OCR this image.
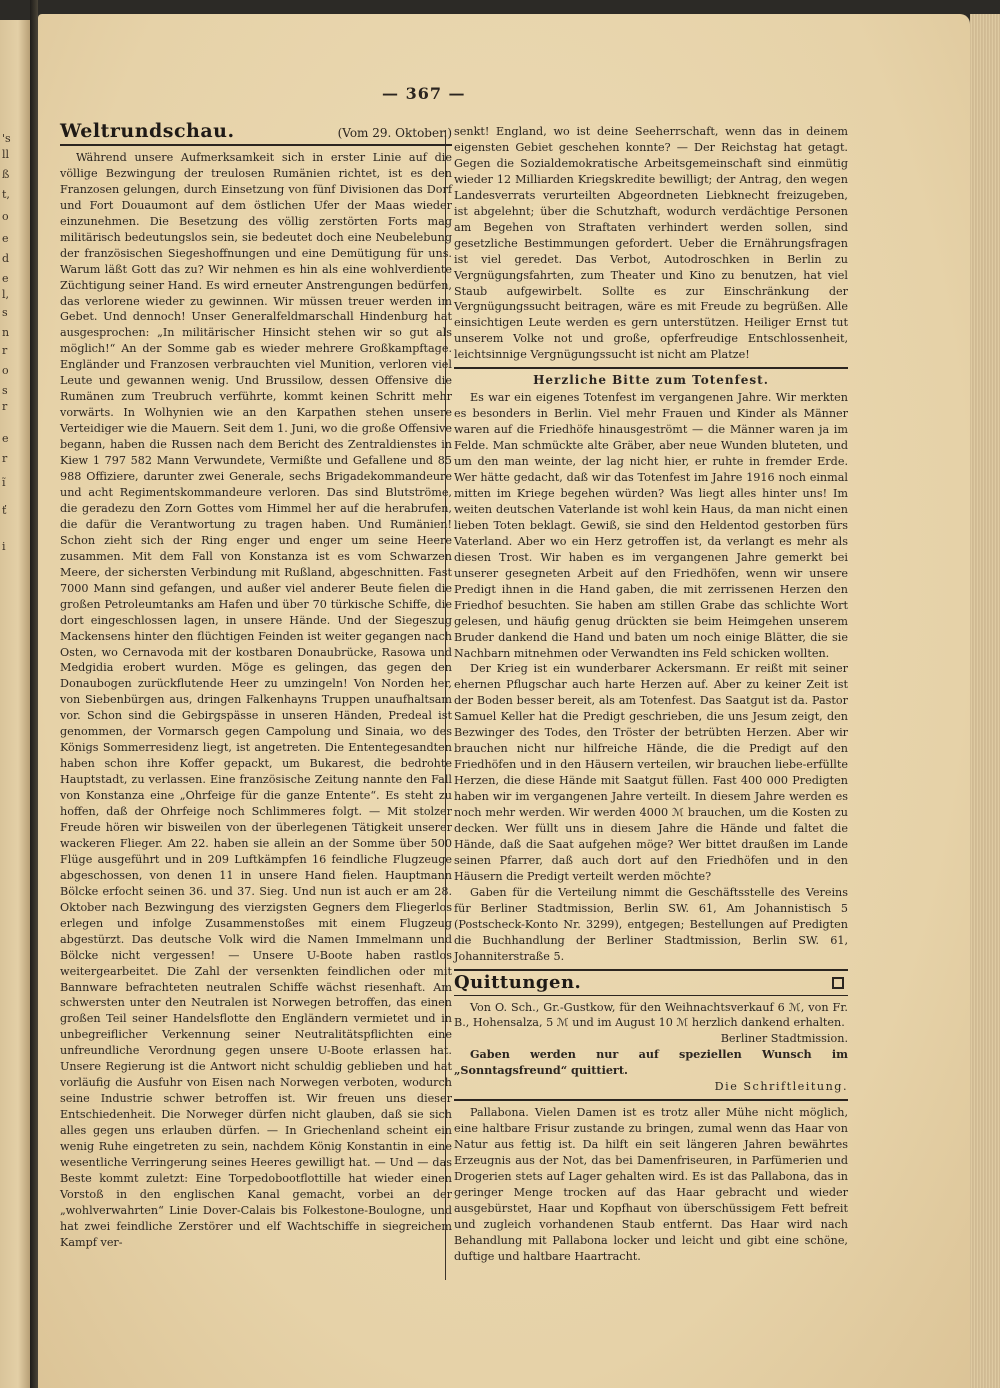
's
ll
ß
t,
o
e
d
e
l,
s
n
r
o
s
r
e
r
ĩ
ť
i
— 367 —
Weltrundschau.	(Vom 29. Oktober.)

Während unsere Aufmerksamkeit sich in erster Linie auf die völlige Bezwingung der treulosen Rumänien richtet, ist es den Franzosen gelungen, durch Einsetzung von fünf Divisionen das Dorf und Fort Douaumont auf dem östlichen Ufer der Maas wieder einzunehmen. Die Besetzung des völlig zerstörten Forts mag militärisch bedeutungslos sein, sie bedeutet doch eine Neubelebung der französischen Siegeshoffnungen und eine Demütigung für uns. Warum läßt Gott das zu? Wir nehmen es hin als eine wohlverdiente Züchtigung seiner Hand. Es wird erneuter Anstrengungen bedürfen, das verlorene wieder zu gewinnen. Wir müssen treuer werden im Gebet. Und dennoch! Unser Generalfeldmarschall Hindenburg hat ausgesprochen: „In militärischer Hinsicht stehen wir so gut als möglich!“ An der Somme gab es wieder mehrere Großkampftage. Engländer und Franzosen verbrauchten viel Munition, verloren viel Leute und gewannen wenig. Und Brussilow, dessen Offensive die Rumänen zum Treubruch verführte, kommt keinen Schritt mehr vorwärts. In Wolhynien wie an den Karpathen stehen unsere Verteidiger wie die Mauern. Seit dem 1. Juni, wo die große Offensive begann, haben die Russen nach dem Bericht des Zentraldienstes in Kiew 1 797 582 Mann Verwundete, Vermißte und Gefallene und 85 988 Offiziere, darunter zwei Generale, sechs Brigadekommandeure und acht Regimentskommandeure verloren. Das sind Blutströme, die geradezu den Zorn Gottes vom Himmel her auf die herabrufen, die dafür die Verantwortung zu tragen haben. Und Rumänien! Schon zieht sich der Ring enger und enger um seine Heere zusammen. Mit dem Fall von Konstanza ist es vom Schwarzen Meere, der sichersten Verbindung mit Rußland, abgeschnitten. Fast 7000 Mann sind gefangen, und außer viel anderer Beute fielen die großen Petroleumtanks am Hafen und über 70 türkische Schiffe, die dort eingeschlossen lagen, in unsere Hände. Und der Siegeszug Mackensens hinter den flüchtigen Feinden ist weiter gegangen nach Osten, wo Cernavoda mit der kostbaren Donaubrücke, Rasowa und Medgidia erobert wurden. Möge es gelingen, das gegen den Donaubogen zurückflutende Heer zu umzingeln! Von Norden her, von Siebenbürgen aus, dringen Falkenhayns Truppen unaufhaltsam vor. Schon sind die Gebirgspässe in unseren Händen, Predeal ist genommen, der Vormarsch gegen Campolung und Sinaia, wo des Königs Sommerresidenz liegt, ist angetreten. Die Ententegesandten haben schon ihre Koffer gepackt, um Bukarest, die bedrohte Hauptstadt, zu verlassen. Eine französische Zeitung nannte den Fall von Konstanza eine „Ohrfeige für die ganze Entente“. Es steht zu hoffen, daß der Ohrfeige noch Schlimmeres folgt. — Mit stolzer Freude hören wir bisweilen von der überlegenen Tätigkeit unserer wackeren Flieger. Am 22. haben sie allein an der Somme über 500 Flüge ausgeführt und in 209 Luftkämpfen 16 feindliche Flugzeuge abgeschossen, von denen 11 in unsere Hand fielen. Hauptmann Bölcke erfocht seinen 36. und 37. Sieg. Und nun ist auch er am 28. Oktober nach Bezwingung des vierzigsten Gegners dem Fliegerlos erlegen und infolge Zusammenstoßes mit einem Flugzeug abgestürzt. Das deutsche Volk wird die Namen Immelmann und Bölcke nicht vergessen! — Unsere U-Boote haben rastlos weitergearbeitet. Die Zahl der versenkten feindlichen oder mit Bannware befrachteten neutralen Schiffe wächst riesenhaft. Am schwersten unter den Neutralen ist Norwegen betroffen, das einen großen Teil seiner Handelsflotte den Engländern vermietet und in unbegreiflicher Verkennung seiner Neutralitätspflichten eine unfreundliche Verordnung gegen unsere U-Boote erlassen hat. Unsere Regierung ist die Antwort nicht schuldig geblieben und hat vorläufig die Ausfuhr von Eisen nach Norwegen verboten, wodurch seine Industrie schwer betroffen ist. Wir freuen uns dieser Entschiedenheit. Die Norweger dürfen nicht glauben, daß sie sich alles gegen uns erlauben dürfen. — In Griechenland scheint ein wenig Ruhe eingetreten zu sein, nachdem König Konstantin in eine wesentliche Verringerung seines Heeres gewilligt hat. — Und — das Beste kommt zuletzt: Eine Torpedobootflottille hat wieder einen Vorstoß in den englischen Kanal gemacht, vorbei an der „wohlverwahrten“ Linie Dover-Calais bis Folkestone-Boulogne, und hat zwei feindliche Zerstörer und elf Wachtschiffe in siegreichem Kampf ver-

senkt! England, wo ist deine Seeherrschaft, wenn das in deinem eigensten Gebiet geschehen konnte? — Der Reichstag hat getagt. Gegen die Sozialdemokratische Arbeitsgemeinschaft sind einmütig wieder 12 Milliarden Kriegskredite bewilligt; der Antrag, den wegen Landesverrats verurteilten Abgeordneten Liebknecht freizugeben, ist abgelehnt; über die Schutzhaft, wodurch verdächtige Personen am Begehen von Straftaten verhindert werden sollen, sind gesetzliche Bestimmungen gefordert. Ueber die Ernährungsfragen ist viel geredet. Das Verbot, Autodroschken in Berlin zu Vergnügungsfahrten, zum Theater und Kino zu benutzen, hat viel Staub aufgewirbelt. Sollte es zur Einschränkung der Vergnügungssucht beitragen, wäre es mit Freude zu begrüßen. Alle einsichtigen Leute werden es gern unterstützen. Heiliger Ernst tut unserem Volke not und große, opferfreudige Entschlossenheit, leichtsinnige Vergnügungssucht ist nicht am Platze!

Herzliche Bitte zum Totenfest.

Es war ein eigenes Totenfest im vergangenen Jahre. Wir merkten es besonders in Berlin. Viel mehr Frauen und Kinder als Männer waren auf die Friedhöfe hinausgeströmt — die Männer waren ja im Felde. Man schmückte alte Gräber, aber neue Wunden bluteten, und um den man weinte, der lag nicht hier, er ruhte in fremder Erde. Wer hätte gedacht, daß wir das Totenfest im Jahre 1916 noch einmal mitten im Kriege begehen würden? Was liegt alles hinter uns! Im weiten deutschen Vaterlande ist wohl kein Haus, da man nicht einen lieben Toten beklagt. Gewiß, sie sind den Heldentod gestorben fürs Vaterland. Aber wo ein Herz getroffen ist, da verlangt es mehr als diesen Trost. Wir haben es im vergangenen Jahre gemerkt bei unserer gesegneten Arbeit auf den Friedhöfen, wenn wir unsere Predigt ihnen in die Hand gaben, die mit zerrissenen Herzen den Friedhof besuchten. Sie haben am stillen Grabe das schlichte Wort gelesen, und häufig genug drückten sie beim Heimgehen unserem Bruder dankend die Hand und baten um noch einige Blätter, die sie Nachbarn mitnehmen oder Verwandten ins Feld schicken wollten.

Der Krieg ist ein wunderbarer Ackersmann. Er reißt mit seiner ehernen Pflugschar auch harte Herzen auf. Aber zu keiner Zeit ist der Boden besser bereit, als am Totenfest. Das Saatgut ist da. Pastor Samuel Keller hat die Predigt geschrieben, die uns Jesum zeigt, den Bezwinger des Todes, den Tröster der betrübten Herzen. Aber wir brauchen nicht nur hilfreiche Hände, die die Predigt auf den Friedhöfen und in den Häusern verteilen, wir brauchen liebe-erfüllte Herzen, die diese Hände mit Saatgut füllen. Fast 400 000 Predigten haben wir im vergangenen Jahre verteilt. In diesem Jahre werden es noch mehr werden. Wir werden 4000 ℳ brauchen, um die Kosten zu decken. Wer füllt uns in diesem Jahre die Hände und faltet die Hände, daß die Saat aufgehen möge? Wer bittet draußen im Lande seinen Pfarrer, daß auch dort auf den Friedhöfen und in den Häusern die Predigt verteilt werden möchte?

Gaben für die Verteilung nimmt die Geschäftsstelle des Vereins für Berliner Stadtmission, Berlin SW. 61, Am Johannistisch 5 (Postscheck-Konto Nr. 3299), entgegen; Bestellungen auf Predigten die Buchhandlung der Berliner Stadtmission, Berlin SW. 61, Johanniterstraße 5.

Quittungen.

Von O. Sch., Gr.-Gustkow, für den Weihnachtsverkauf 6 ℳ, von Fr. B., Hohensalza, 5 ℳ und im August 10 ℳ herzlich dankend erhalten.

Berliner Stadtmission.

Gaben werden nur auf speziellen Wunsch im „Sonntagsfreund“ quittiert.

Die Schriftleitung.

Pallabona. Vielen Damen ist es trotz aller Mühe nicht möglich, eine haltbare Frisur zustande zu bringen, zumal wenn das Haar von Natur aus fettig ist. Da hilft ein seit längeren Jahren bewährtes Erzeugnis aus der Not, das bei Damenfriseuren, in Parfümerien und Drogerien stets auf Lager gehalten wird. Es ist das Pallabona, das in geringer Menge trocken auf das Haar gebracht und wieder ausgebürstet, Haar und Kopfhaut von überschüssigem Fett befreit und zugleich vorhandenen Staub entfernt. Das Haar wird nach Behandlung mit Pallabona locker und leicht und gibt eine schöne, duftige und haltbare Haartracht.
